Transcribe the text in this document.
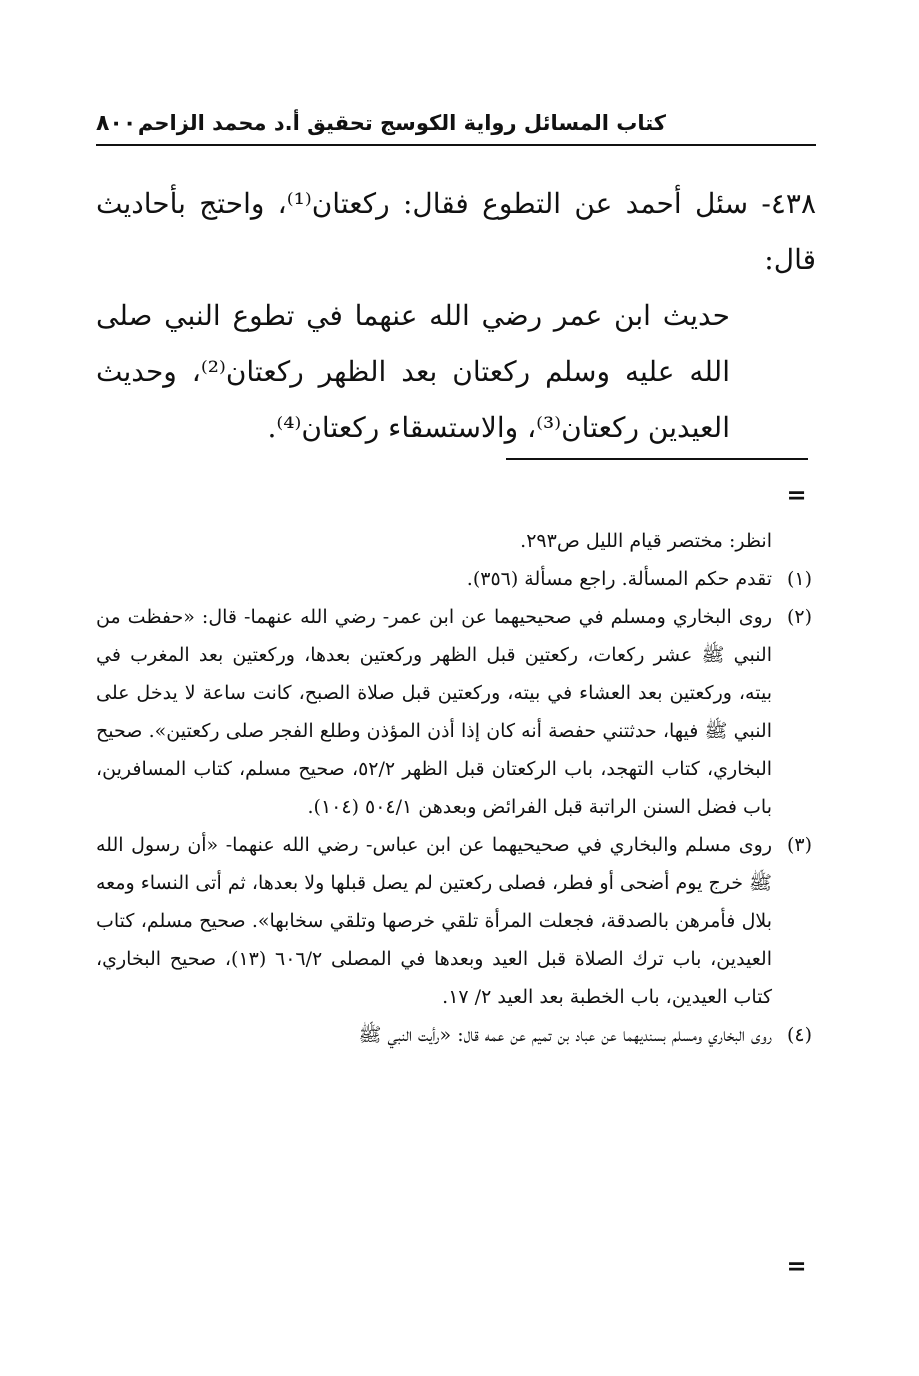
كتاب المسائل رواية الكوسج تحقيق أ.د محمد الزاحم
٨٠٠
٤٣٨- سئل أحمد عن التطوع فقال: ركعتان⁽¹⁾، واحتج بأحاديث قال:
حديث ابن عمر رضي الله عنهما في تطوع النبي صلى الله عليه وسلم ركعتان بعد الظهر ركعتان⁽²⁾، وحديث العيدين ركعتان⁽³⁾، والاستسقاء ركعتان⁽⁴⁾.
=

انظر: مختصر قيام الليل ص٢٩٣.

(١)
تقدم حكم المسألة. راجع مسألة (٣٥٦).

(٢)
روى البخاري ومسلم في صحيحيهما عن ابن عمر- رضي الله عنهما- قال: «حفظت من النبي ﷺ عشر ركعات، ركعتين قبل الظهر وركعتين بعدها، وركعتين بعد المغرب في بيته، وركعتين بعد العشاء في بيته، وركعتين قبل صلاة الصبح، كانت ساعة لا يدخل على النبي ﷺ فيها، حدثتني حفصة أنه كان إذا أذن المؤذن وطلع الفجر صلى ركعتين». صحيح البخاري، كتاب التهجد، باب الركعتان قبل الظهر ٥٢/٢، صحيح مسلم، كتاب المسافرين، باب فضل السنن الراتبة قبل الفرائض وبعدهن ٥٠٤/١ (١٠٤).

(٣)
روى مسلم والبخاري في صحيحيهما عن ابن عباس- رضي الله عنهما- «أن رسول الله ﷺ خرج يوم أضحى أو فطر، فصلى ركعتين لم يصل قبلها ولا بعدها، ثم أتى النساء ومعه بلال فأمرهن بالصدقة، فجعلت المرأة تلقي خرصها وتلقي سخابها». صحيح مسلم، كتاب العيدين، باب ترك الصلاة قبل العيد وبعدها في المصلى ٦٠٦/٢ (١٣)، صحيح البخاري، كتاب العيدين، باب الخطبة بعد العيد ٢/ ١٧.

(٤)
روى البخاري ومسلم بسنديهما عن عباد بن تميم عن عمه قال: «رأيت النبي ﷺ

=
